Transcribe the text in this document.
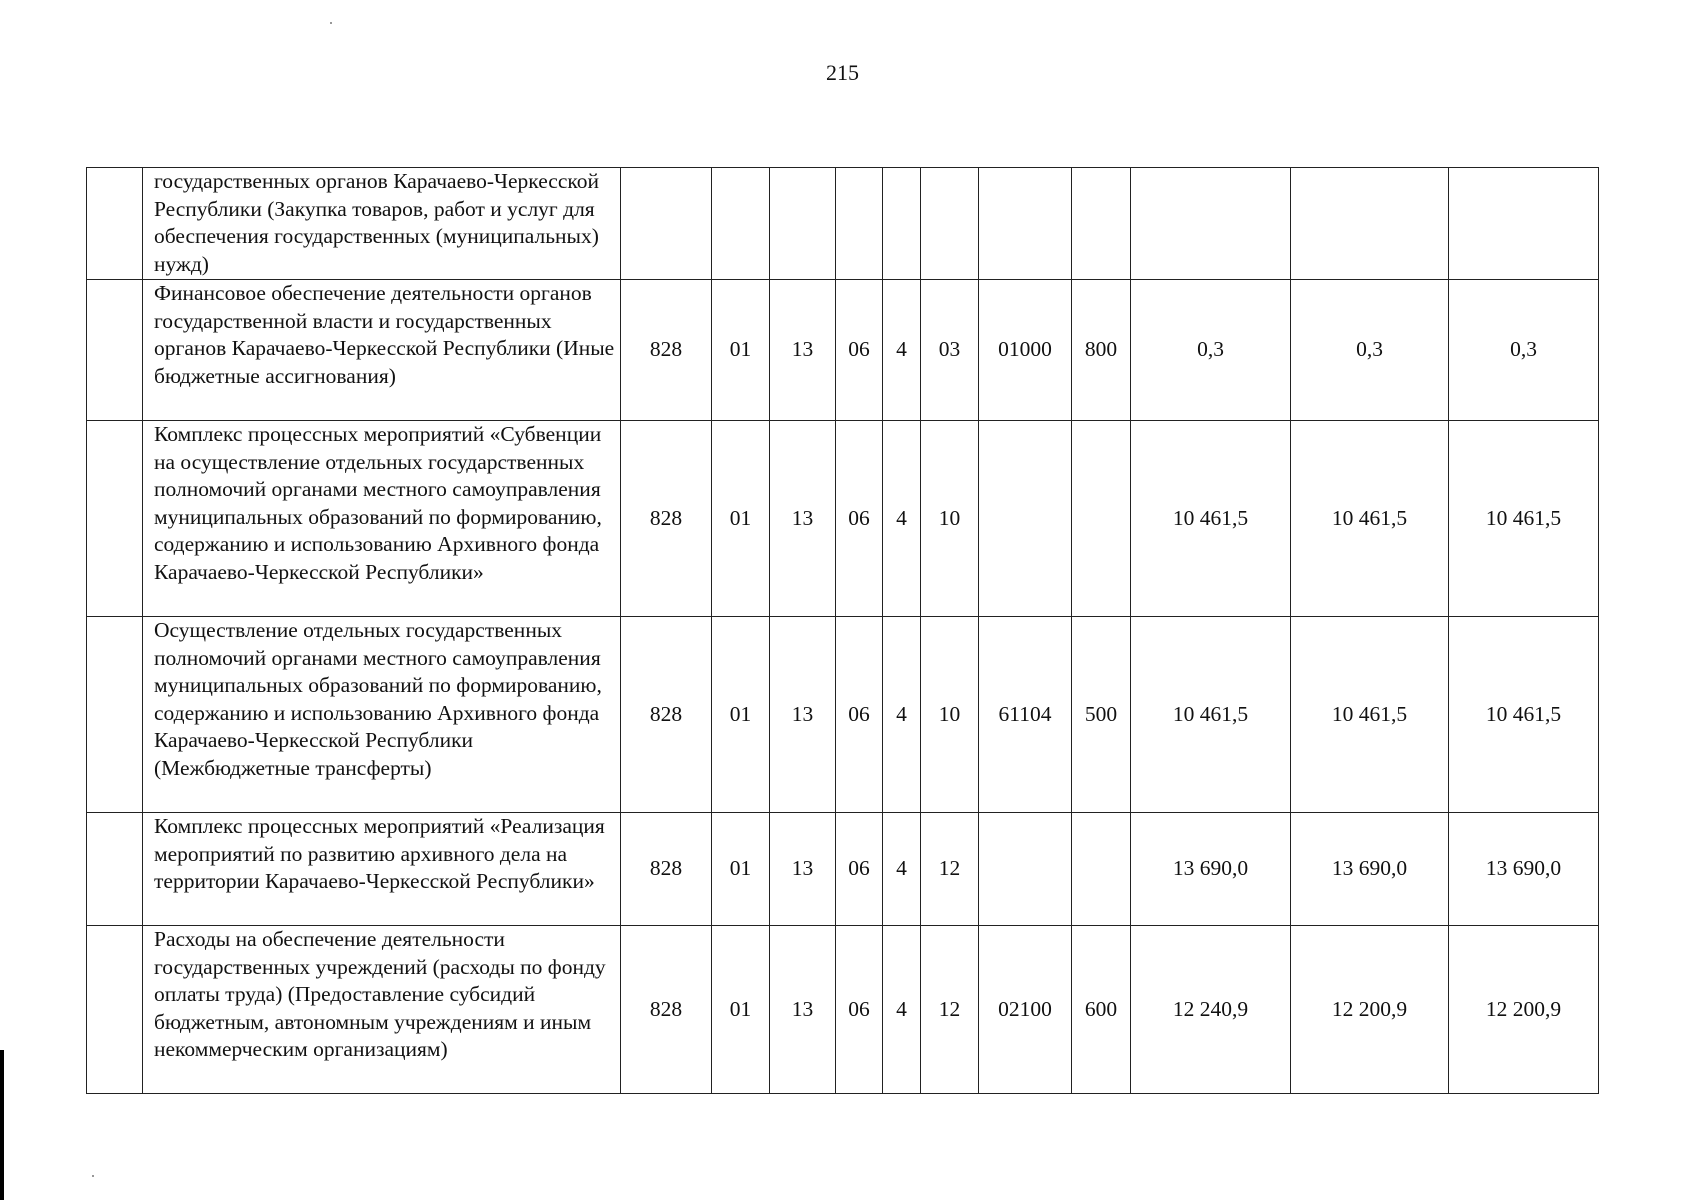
215
	государственных органов Карачаево-Черкесской Республики (Закупка товаров, работ и услуг для обеспечения государственных (муниципальных) нужд)											
	Финансовое обеспечение деятельности органов государственной власти и государственных органов Карачаево-Черкесской Республики (Иные бюджетные ассигнования)	828	01	13	06	4	03	01000	800	0,3	0,3	0,3
	Комплекс процессных мероприятий «Субвенции на осуществление отдельных государственных полномочий органами местного самоуправления муниципальных образований по формированию, содержанию и использованию Архивного фонда Карачаево-Черкесской Республики»	828	01	13	06	4	10			10 461,5	10 461,5	10 461,5
	Осуществление отдельных государственных полномочий органами местного самоуправления муниципальных образований по формированию, содержанию и использованию Архивного фонда Карачаево-Черкесской Республики (Межбюджетные трансферты)	828	01	13	06	4	10	61104	500	10 461,5	10 461,5	10 461,5
	Комплекс процессных мероприятий «Реализация мероприятий по развитию архивного дела на территории Карачаево-Черкесской Республики»	828	01	13	06	4	12			13 690,0	13 690,0	13 690,0
	Расходы на обеспечение деятельности государственных учреждений (расходы по фонду оплаты труда) (Предоставление субсидий бюджетным, автономным учреждениям и иным некоммерческим организациям)	828	01	13	06	4	12	02100	600	12 240,9	12 200,9	12 200,9
